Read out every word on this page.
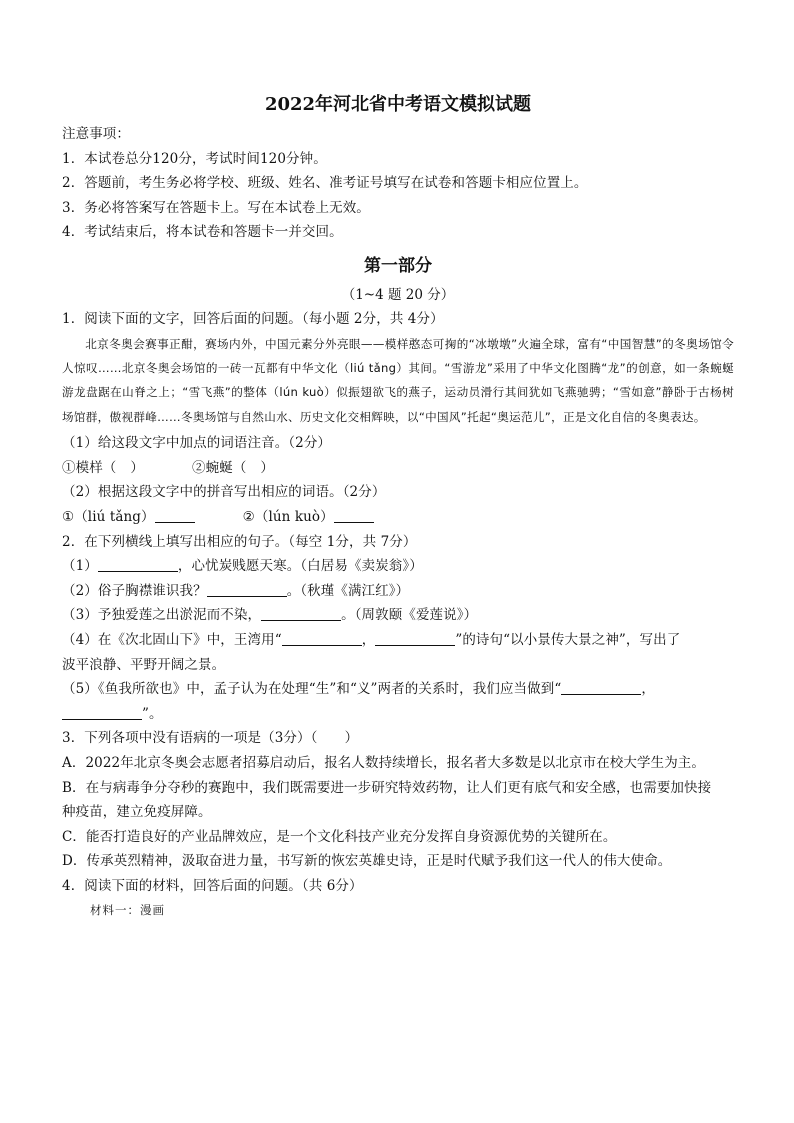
2022年河北省中考语文模拟试题
注意事项：
1．本试卷总分120分，考试时间120分钟。
2．答题前，考生务必将学校、班级、姓名、准考证号填写在试卷和答题卡相应位置上。
3．务必将答案写在答题卡上。写在本试卷上无效。
4．考试结束后，将本试卷和答题卡一并交回。
第一部分
（1~4 题 20 分）
1．阅读下面的文字，回答后面的问题。（每小题 2分，共 4分）

北京冬奥会赛事正酣，赛场内外，中国元素分外亮眼——模样憨态可掬的“冰墩墩”火遍全球，富有“中国智慧”的冬奥场馆令人惊叹……北京冬奥会场馆的一砖一瓦都有中华文化（liú tǎng）其间。“雪游龙”采用了中华文化图腾“龙”的创意，如一条蜿蜒游龙盘踞在山脊之上；“雪飞燕”的整体（lún kuò）似振翅欲飞的燕子，运动员滑行其间犹如飞燕驰骋；“雪如意”静卧于古杨树场馆群，傲视群峰……冬奥场馆与自然山水、历史文化交相辉映，以“中国风”托起“奥运范儿”，正是文化自信的冬奥表达。

（1）给这段文字中加点的词语注音。（2分）
①模样（ ）	②蜿蜒（ ）
（2）根据这段文字中的拼音写出相应的词语。（2分）
①（liú tǎng）	②（lún kuò）
2．在下列横线上填写出相应的句子。（每空 1分，共 7分）
（1）	，心忧炭贱愿天寒。（白居易《卖炭翁》）
（2）俗子胸襟谁识我？	。（秋瑾《满江红》）
（3）予独爱莲之出淤泥而不染，	。（周敦颐《爱莲说》）
（4）在《次北固山下》中，王湾用“	，	”的诗句“以小景传大景之神”，写出了
波平浪静、平野开阔之景。
（5）《鱼我所欲也》中，孟子认为在处理“生”和“义”两者的关系时，我们应当做到“	，
”。
3．下列各项中没有语病的一项是（3分）（　　）
A．2022年北京冬奥会志愿者招募启动后，报名人数持续增长，报名者大多数是以北京市在校大学生为主。
B．在与病毒争分夺秒的赛跑中，我们既需要进一步研究特效药物，让人们更有底气和安全感，也需要加快接
种疫苗，建立免疫屏障。
C．能否打造良好的产业品牌效应，是一个文化科技产业充分发挥自身资源优势的关键所在。
D．传承英烈精神，汲取奋进力量，书写新的恢宏英雄史诗，正是时代赋予我们这一代人的伟大使命。
4．阅读下面的材料，回答后面的问题。（共 6分）
材料一：漫画
